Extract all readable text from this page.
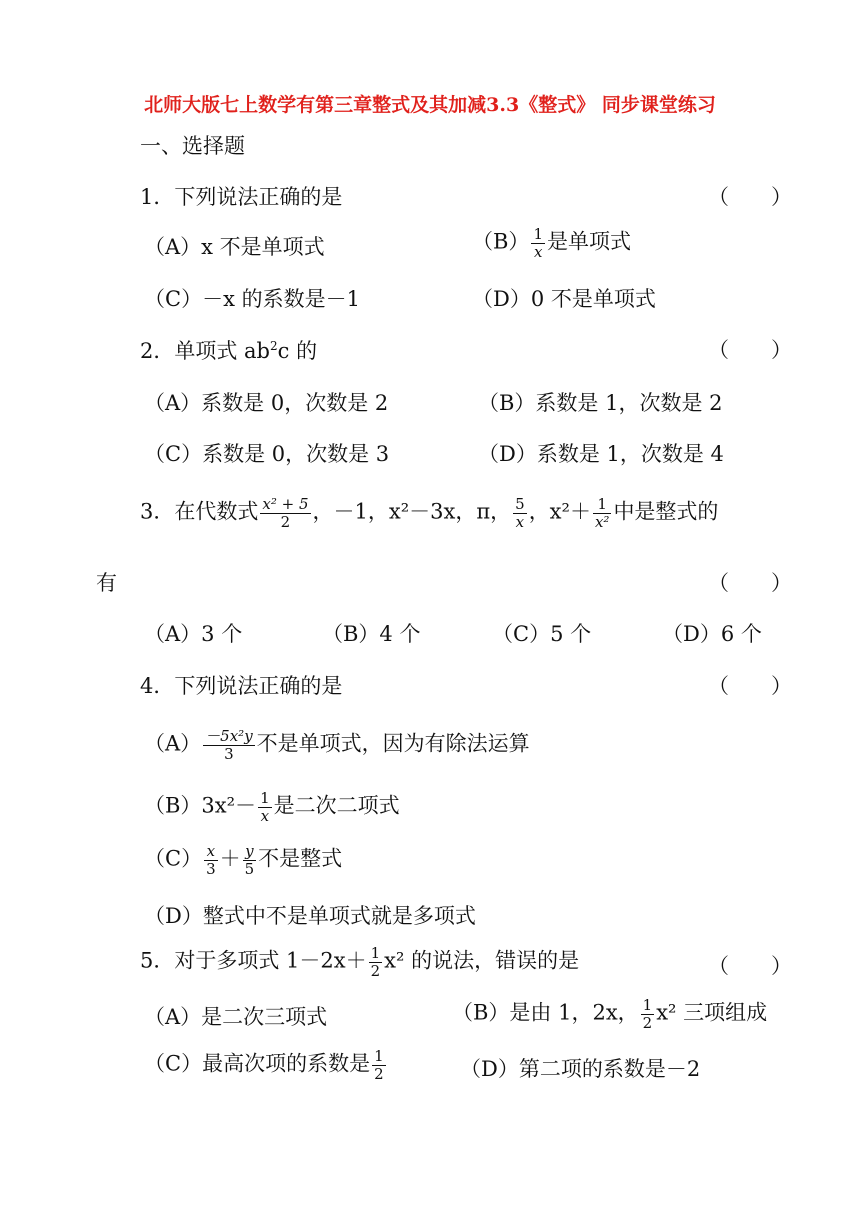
北师大版七上数学有第三章整式及其加减3.3《整式》 同步课堂练习
一、选择题
1．下列说法正确的是	（　　）
（A）x 不是单项式	$(B) \frac{1}{x}$ 是单项式
（C）－x 的系数是－1	（D）0 不是单项式
2．单项式 $ab^2c$ 的	（　　）
（A）系数是 0，次数是 2	（B）系数是 1，次数是 2
（C）系数是 0，次数是 3	（D）系数是 1，次数是 4
3．在代数式 $\frac{\text{x² + 5}}{2}$ ，－1，x²－3x，π， $\frac{5}{x}$ ，$x^2+ \frac{1}{\text{x²}}$ 中是整式的
有	（　　）
（A）3 个	（B）4 个	（C）5 个	（D）6 个
4．下列说法正确的是	（　　）
$(A) \frac{\text{－5x²y}}{3}$ 不是单项式，因为有除法运算
$(B)3x^2- \frac{1}{x}$ 是二次二项式
$(C) \frac{x}{3} + \frac{y}{5}$ 不是整式
（D）整式中不是单项式就是多项式
5．对于多项式 $1-2x+ \frac{1}{2} x^2$ 的说法，错误的是	（　　）
（A）是二次三项式	（B）是由 1，2x， $\frac{1}{2} x^2$ 三项组成
（C）最高次项的系数是 $\frac{1}{2}$	（D）第二项的系数是－2
